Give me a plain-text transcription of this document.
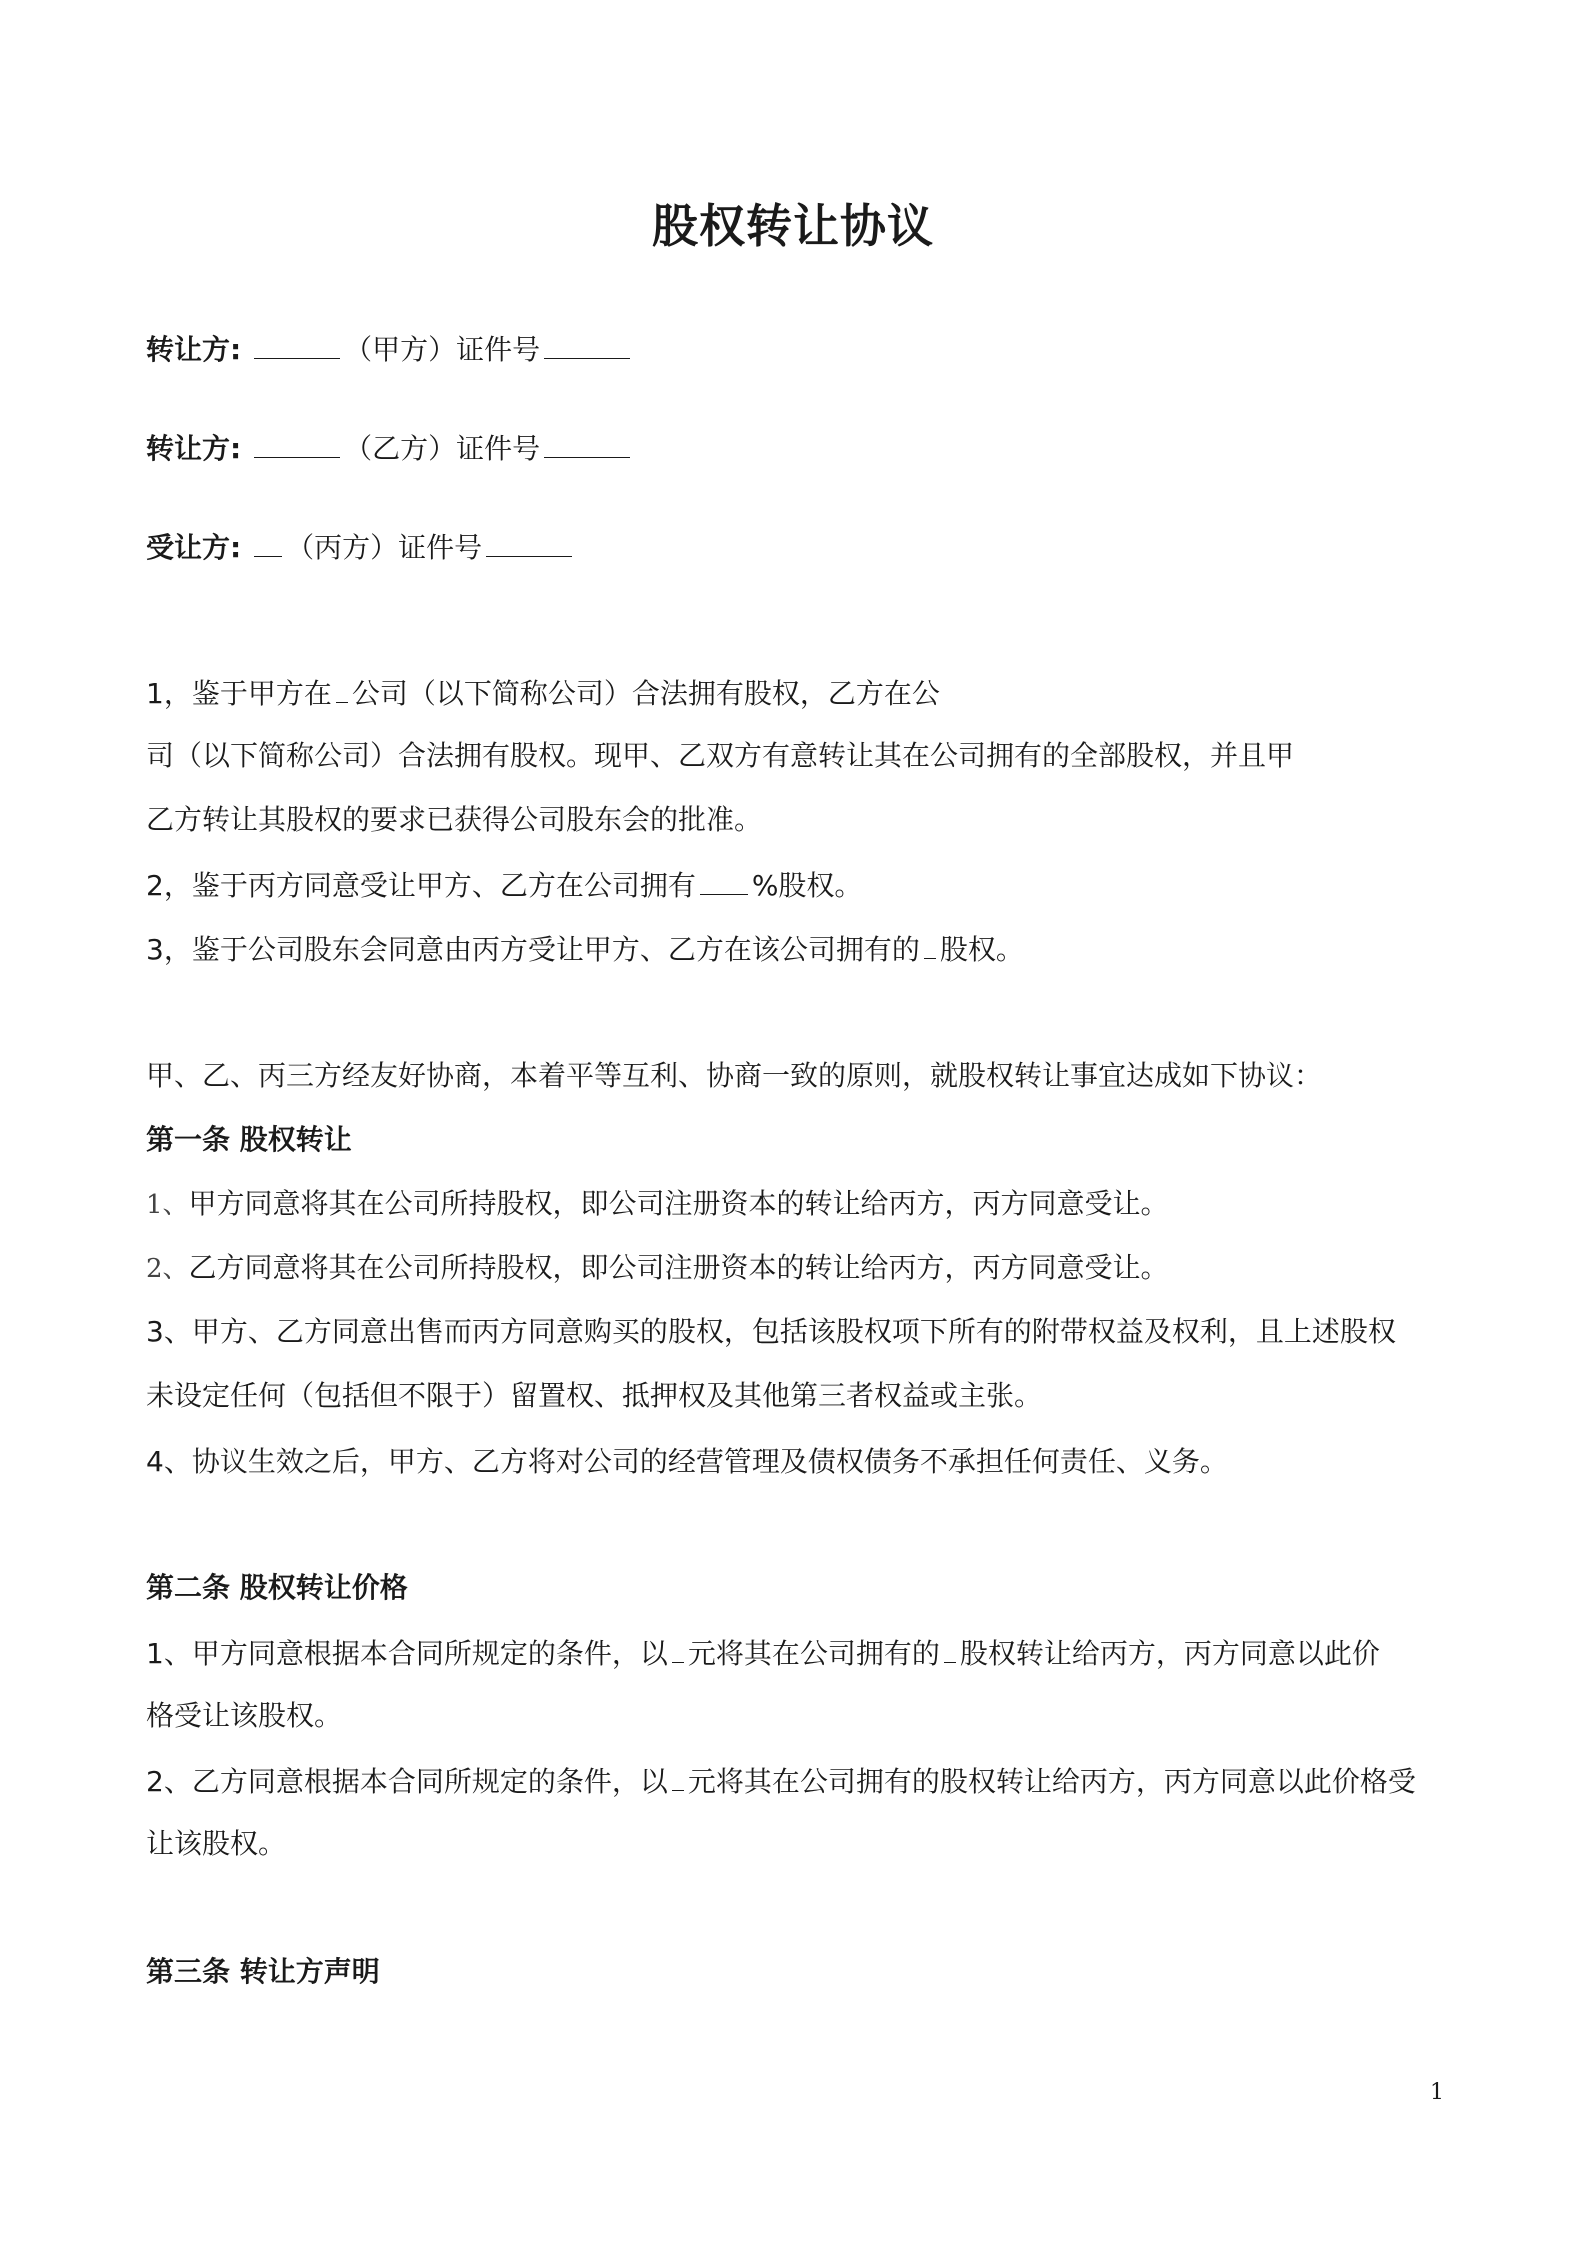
股权转让协议
转让方:	（甲方）证件号
转让方:	（乙方）证件号
受让方: （丙方）证件号
1，鉴于甲方在 公司（以下简称公司）合法拥有股权，乙方在公
司（以下简称公司）合法拥有股权。现甲、乙双方有意转让其在公司拥有的全部股权，并且甲
乙方转让其股权的要求已获得公司股东会的批准。
2，鉴于丙方同意受让甲方、乙方在公司拥有 %股权。
3，鉴于公司股东会同意由丙方受让甲方、乙方在该公司拥有的 股权。
甲、乙、丙三方经友好协商，本着平等互利、协商一致的原则，就股权转让事宜达成如下协议：
第一条 股权转让
1、甲方同意将其在公司所持股权，即公司注册资本的转让给丙方，丙方同意受让。
2、乙方同意将其在公司所持股权，即公司注册资本的转让给丙方，丙方同意受让。
3、甲方、乙方同意出售而丙方同意购买的股权，包括该股权项下所有的附带权益及权利，且上述股权
未设定任何（包括但不限于）留置权、抵押权及其他第三者权益或主张。
4、协议生效之后，甲方、乙方将对公司的经营管理及债权债务不承担任何责任、义务。
第二条 股权转让价格
1、甲方同意根据本合同所规定的条件，以 元将其在公司拥有的 股权转让给丙方，丙方同意以此价
格受让该股权。
2、乙方同意根据本合同所规定的条件，以 元将其在公司拥有的股权转让给丙方，丙方同意以此价格受
让该股权。
第三条 转让方声明
1
